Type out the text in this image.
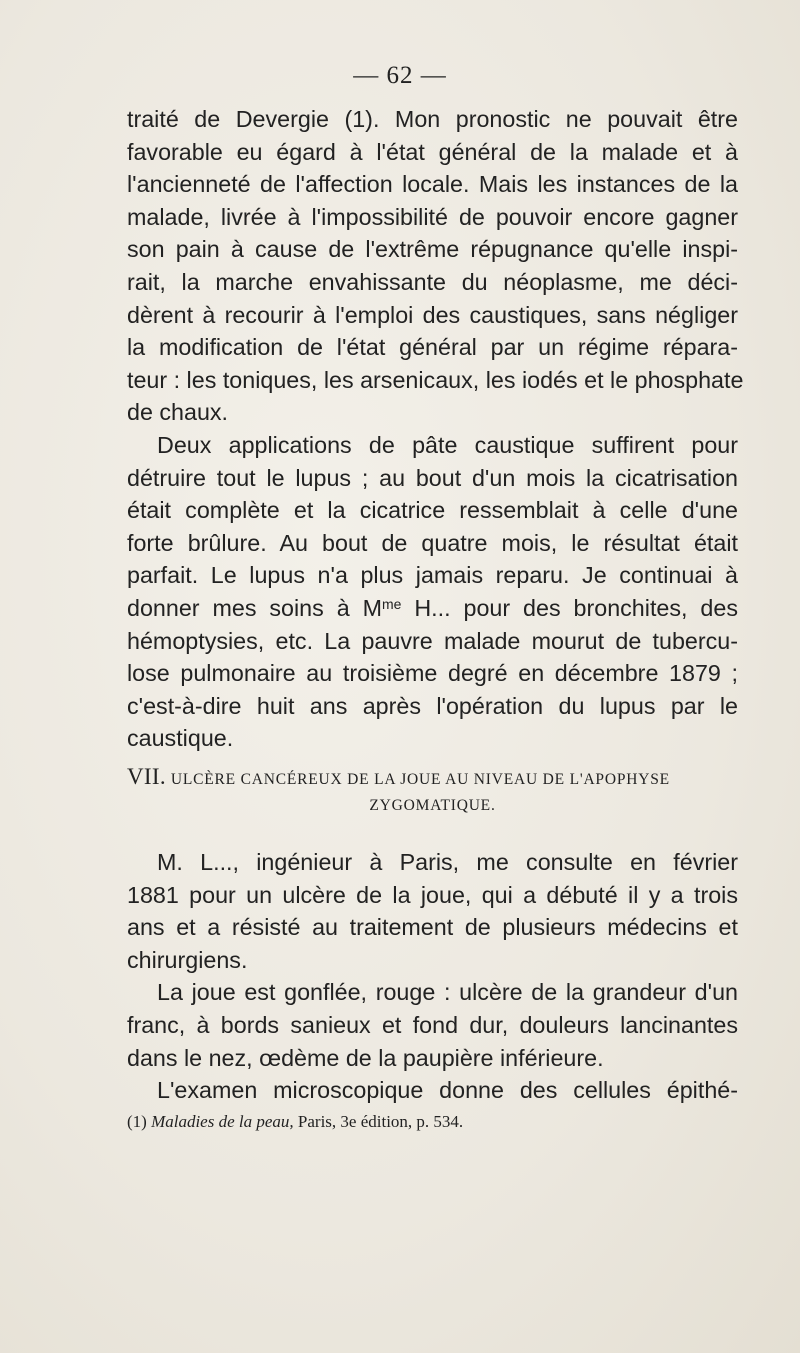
— 62 —

traité de Devergie (1). Mon pronostic ne pouvait être

favorable eu égard à l'état général de la malade et à

l'ancienneté de l'affection locale. Mais les instances de la

malade, livrée à l'impossibilité de pouvoir encore gagner

son pain à cause de l'extrême répugnance qu'elle inspi-

rait, la marche envahissante du néoplasme, me déci-

dèrent à recourir à l'emploi des caustiques, sans négliger

la modification de l'état général par un régime répara-

teur : les toniques, les arsenicaux, les iodés et le phosphate

de chaux.

Deux applications de pâte caustique suffirent pour

détruire tout le lupus ; au bout d'un mois la cicatrisation

était complète et la cicatrice ressemblait à celle d'une

forte brûlure. Au bout de quatre mois, le résultat était

parfait. Le lupus n'a plus jamais reparu. Je continuai à

donner mes soins à $M^{me}$ H... pour des bronchites, des

hémoptysies, etc. La pauvre malade mourut de tubercu-

lose pulmonaire au troisième degré en décembre 1879 ;

c'est-à-dire huit ans après l'opération du lupus par le

caustique.

VII. ULCÈRE CANCÉREUX DE LA JOUE AU NIVEAU DE L'APOPHYSE
ZYGOMATIQUE.

M. L..., ingénieur à Paris, me consulte en février

1881 pour un ulcère de la joue, qui a débuté il y a trois

ans et a résisté au traitement de plusieurs médecins et

chirurgiens.

La joue est gonflée, rouge : ulcère de la grandeur d'un

franc, à bords sanieux et fond dur, douleurs lancinantes

dans le nez, œdème de la paupière inférieure.

L'examen microscopique donne des cellules épithé-

(1) Maladies de la peau, Paris, 3e édition, p. 534.
